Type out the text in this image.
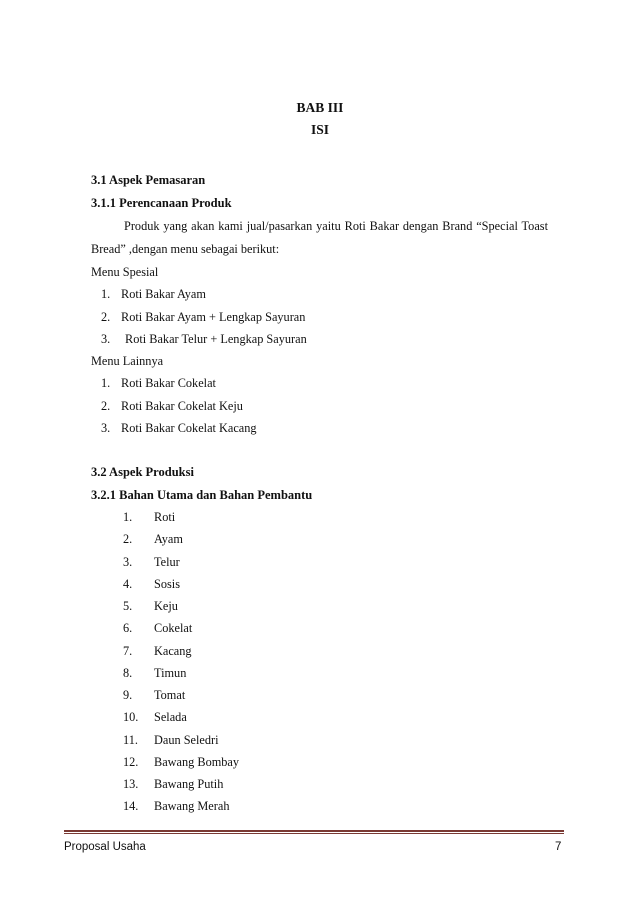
BAB III
ISI
3.1 Aspek Pemasaran
3.1.1 Perencanaan Produk
Produk yang akan kami jual/pasarkan yaitu Roti Bakar dengan Brand “Special Toast
Bread” ,dengan menu sebagai berikut:
Menu Spesial
1. Roti Bakar Ayam
2. Roti Bakar Ayam + Lengkap Sayuran
3. Roti Bakar Telur + Lengkap Sayuran
Menu Lainnya
1. Roti Bakar Cokelat
2. Roti Bakar Cokelat Keju
3. Roti Bakar Cokelat Kacang
3.2 Aspek Produksi
3.2.1 Bahan Utama dan Bahan Pembantu
1. Roti
2. Ayam
3. Telur
4. Sosis
5. Keju
6. Cokelat
7. Kacang
8. Timun
9. Tomat
10. Selada
11. Daun Seledri
12. Bawang Bombay
13. Bawang Putih
14. Bawang Merah
Proposal Usaha	7
